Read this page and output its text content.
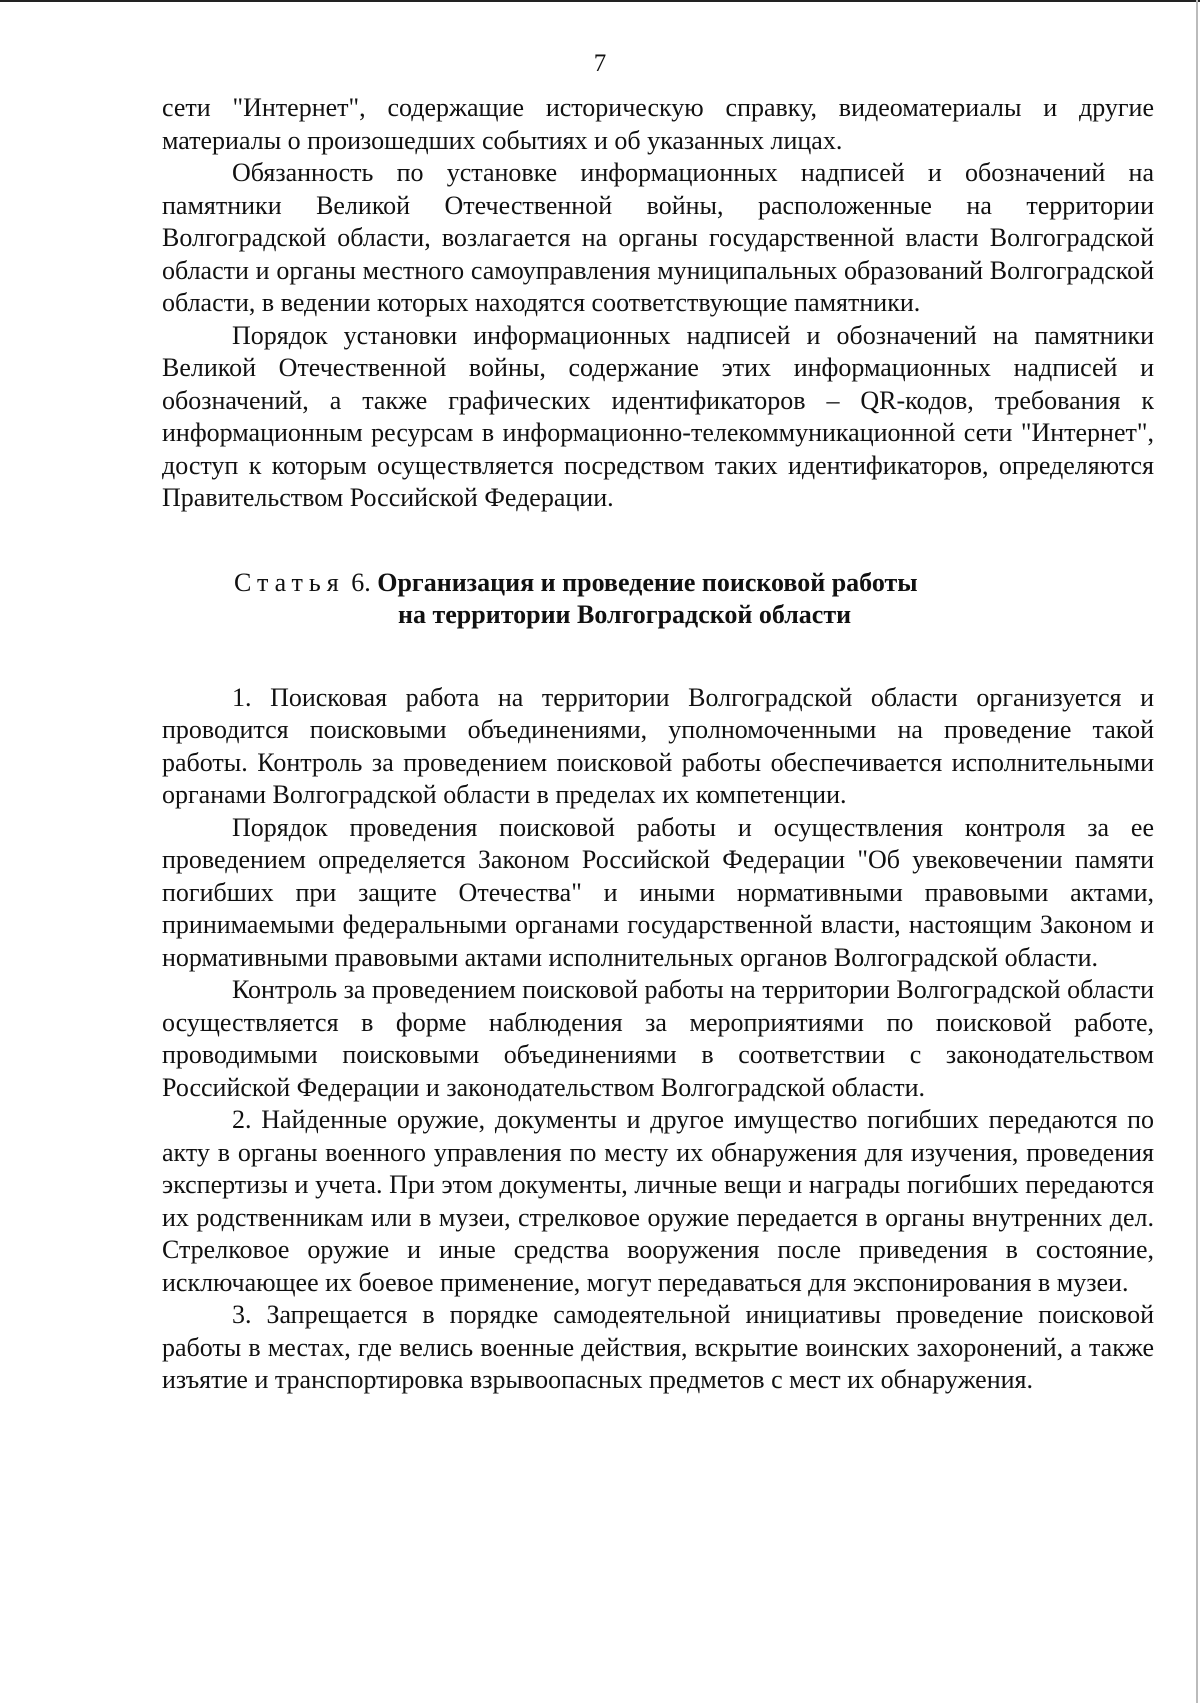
7

сети "Интернет", содержащие историческую справку, видеоматериалы и другие материалы о произошедших событиях и об указанных лицах.

Обязанность по установке информационных надписей и обозначений на памятники Великой Отечественной войны, расположенные на территории Волгоградской области, возлагается на органы государственной власти Волгоградской области и органы местного самоуправления муниципальных образований Волгоградской области, в ведении которых находятся соответствующие памятники.

Порядок установки информационных надписей и обозначений на памятники Великой Отечественной войны, содержание этих информационных надписей и обозначений, а также графических идентификаторов – QR-кодов, требования к информационным ресурсам в информационно-телекоммуникационной сети "Интернет", доступ к которым осуществляется посредством таких идентификаторов, определяются Правительством Российской Федерации.

Статья 6. Организация и проведение поисковой работы
на территории Волгоградской области

1. Поисковая работа на территории Волгоградской области организуется и проводится поисковыми объединениями, уполномоченными на проведение такой работы. Контроль за проведением поисковой работы обеспечивается исполнительными органами Волгоградской области в пределах их компетенции.

Порядок проведения поисковой работы и осуществления контроля за ее проведением определяется Законом Российской Федерации "Об увековечении памяти погибших при защите Отечества" и иными нормативными правовыми актами, принимаемыми федеральными органами государственной власти, настоящим Законом и нормативными правовыми актами исполнительных органов Волгоградской области.

Контроль за проведением поисковой работы на территории Волгоградской области осуществляется в форме наблюдения за мероприятиями по поисковой работе, проводимыми поисковыми объединениями в соответствии с законодательством Российской Федерации и законодательством Волгоградской области.

2. Найденные оружие, документы и другое имущество погибших передаются по акту в органы военного управления по месту их обнаружения для изучения, проведения экспертизы и учета. При этом документы, личные вещи и награды погибших передаются их родственникам или в музеи, стрелковое оружие передается в органы внутренних дел. Стрелковое оружие и иные средства вооружения после приведения в состояние, исключающее их боевое применение, могут передаваться для экспонирования в музеи.

3. Запрещается в порядке самодеятельной инициативы проведение поисковой работы в местах, где велись военные действия, вскрытие воинских захоронений, а также изъятие и транспортировка взрывоопасных предметов с мест их обнаружения.
